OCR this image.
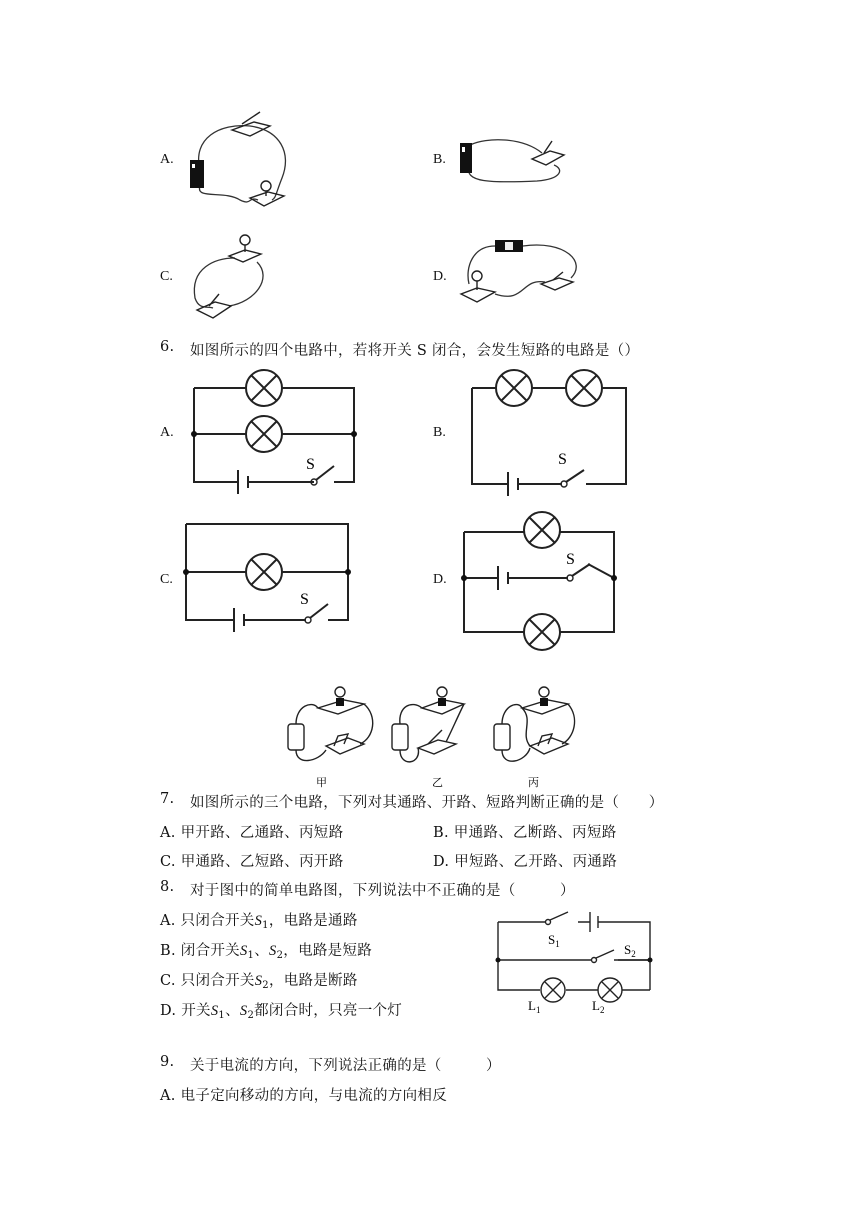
A.	B.
C.	D.
6. 如图所示的四个电路中，若将开关 S 闭合，会发生短路的电路是（）
A.
S
B.
S
C.
S
D.
S
甲	乙	丙
7. 如图所示的三个电路，下列对其通路、开路、短路判断正确的是（　　）
A. 甲开路、乙通路、丙短路	B. 甲通路、乙断路、丙短路
C. 甲通路、乙短路、丙开路	D. 甲短路、乙开路、丙通路
8. 对于图中的简单电路图，下列说法中不正确的是（　　　）
A. 只闭合开关$S_1$，电路是通路
B. 闭合开关$S_1$、$S_2$，电路是短路
C. 只闭合开关$S_2$，电路是断路
D. 开关$S_1$、$S_2$都闭合时，只亮一个灯
$S_1$	$S_2$
$L_1$	$L_2$
9. 关于电流的方向，下列说法正确的是（　　　）
A. 电子定向移动的方向，与电流的方向相反
